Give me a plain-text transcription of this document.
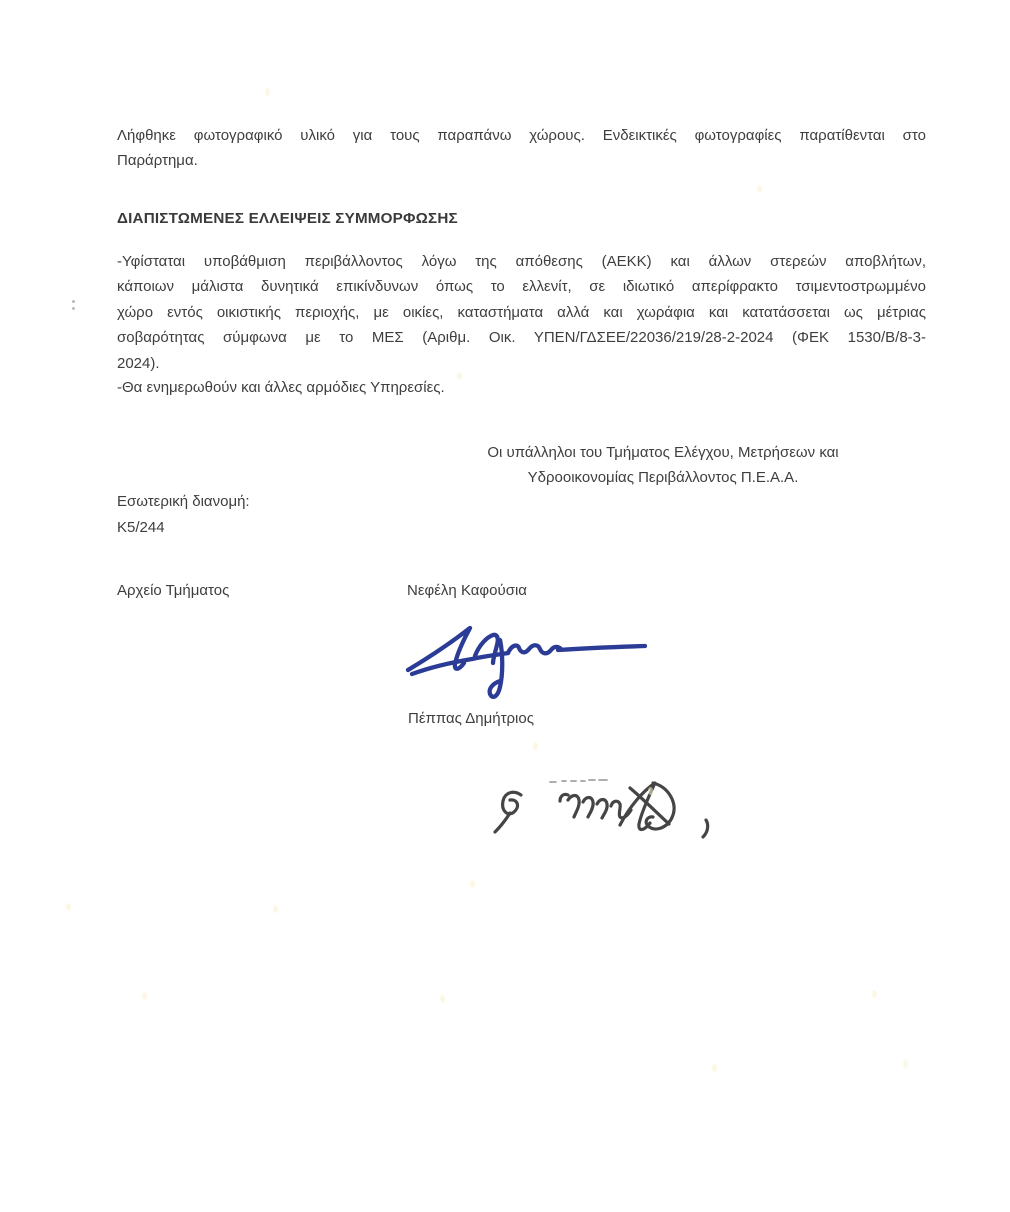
Λήφθηκε φωτογραφικό υλικό για τους παραπάνω χώρους. Ενδεικτικές φωτογραφίες παρατίθενται στο
Παράρτημα.
ΔΙΑΠΙΣΤΩΜΕΝΕΣ ΕΛΛΕΙΨΕΙΣ ΣΥΜΜΟΡΦΩΣΗΣ
-Υφίσταται υποβάθμιση περιβάλλοντος λόγω της απόθεσης (ΑΕΚΚ) και άλλων στερεών αποβλήτων,
κάποιων μάλιστα δυνητικά επικίνδυνων όπως το ελλενίτ, σε ιδιωτικό απερίφρακτο τσιμεντοστρωμμένο
χώρο εντός οικιστικής περιοχής, με οικίες, καταστήματα αλλά και χωράφια και κατατάσσεται ως μέτριας
σοβαρότητας σύμφωνα με το ΜΕΣ (Αριθμ. Οικ. ΥΠΕΝ/ΓΔΣΕΕ/22036/219/28-2-2024 (ΦΕΚ 1530/Β/8-3-
2024).
-Θα ενημερωθούν και άλλες αρμόδιες Υπηρεσίες.
Οι υπάλληλοι του Τμήματος Ελέγχου, Μετρήσεων και
Υδροοικονομίας Περιβάλλοντος Π.Ε.Α.Α.
Εσωτερική διανομή:
Κ5/244
Αρχείο Τμήματος	Νεφέλη Καφούσια
Πέππας Δημήτριος
